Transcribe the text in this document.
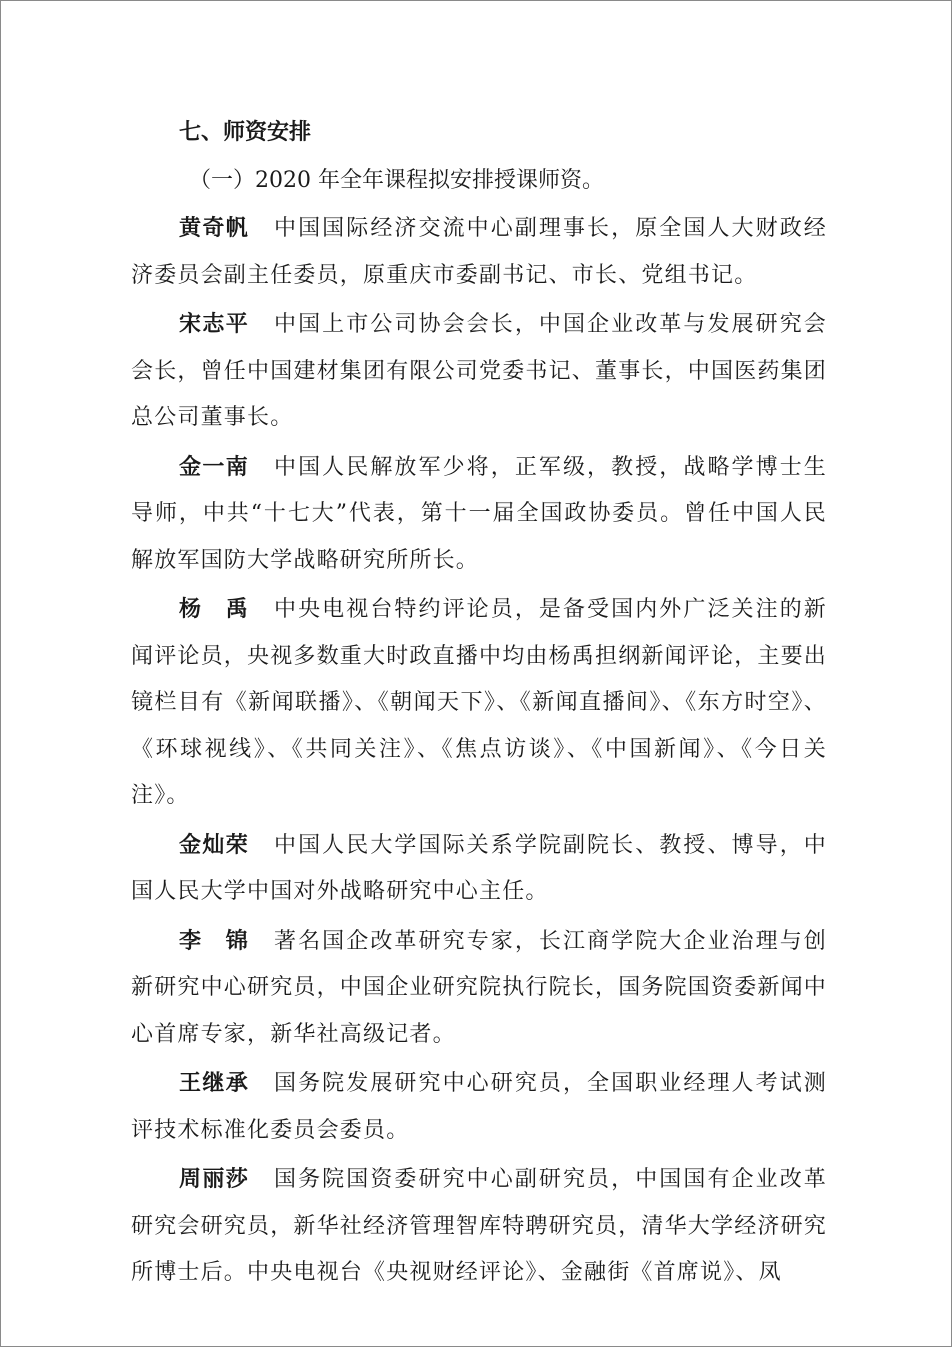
七、师资安排
（一）2020 年全年课程拟安排授课师资。

黄奇帆 中国国际经济交流中心副理事长，原全国人大财政经济委员会副主任委员，原重庆市委副书记、市长、党组书记。

宋志平 中国上市公司协会会长，中国企业改革与发展研究会会长，曾任中国建材集团有限公司党委书记、董事长，中国医药集团总公司董事长。

金一南 中国人民解放军少将，正军级，教授，战略学博士生导师，中共“十七大”代表，第十一届全国政协委员。曾任中国人民解放军国防大学战略研究所所长。

杨　禹 中央电视台特约评论员，是备受国内外广泛关注的新闻评论员，央视多数重大时政直播中均由杨禹担纲新闻评论，主要出镜栏目有《新闻联播》、《朝闻天下》、《新闻直播间》、《东方时空》、《环球视线》、《共同关注》、《焦点访谈》、《中国新闻》、《今日关注》。

金灿荣 中国人民大学国际关系学院副院长、教授、博导，中国人民大学中国对外战略研究中心主任。

李　锦 著名国企改革研究专家，长江商学院大企业治理与创新研究中心研究员，中国企业研究院执行院长，国务院国资委新闻中心首席专家，新华社高级记者。

王继承 国务院发展研究中心研究员，全国职业经理人考试测评技术标准化委员会委员。

周丽莎 国务院国资委研究中心副研究员，中国国有企业改革研究会研究员，新华社经济管理智库特聘研究员，清华大学经济研究所博士后。中央电视台《央视财经评论》、金融街《首席说》、凤
